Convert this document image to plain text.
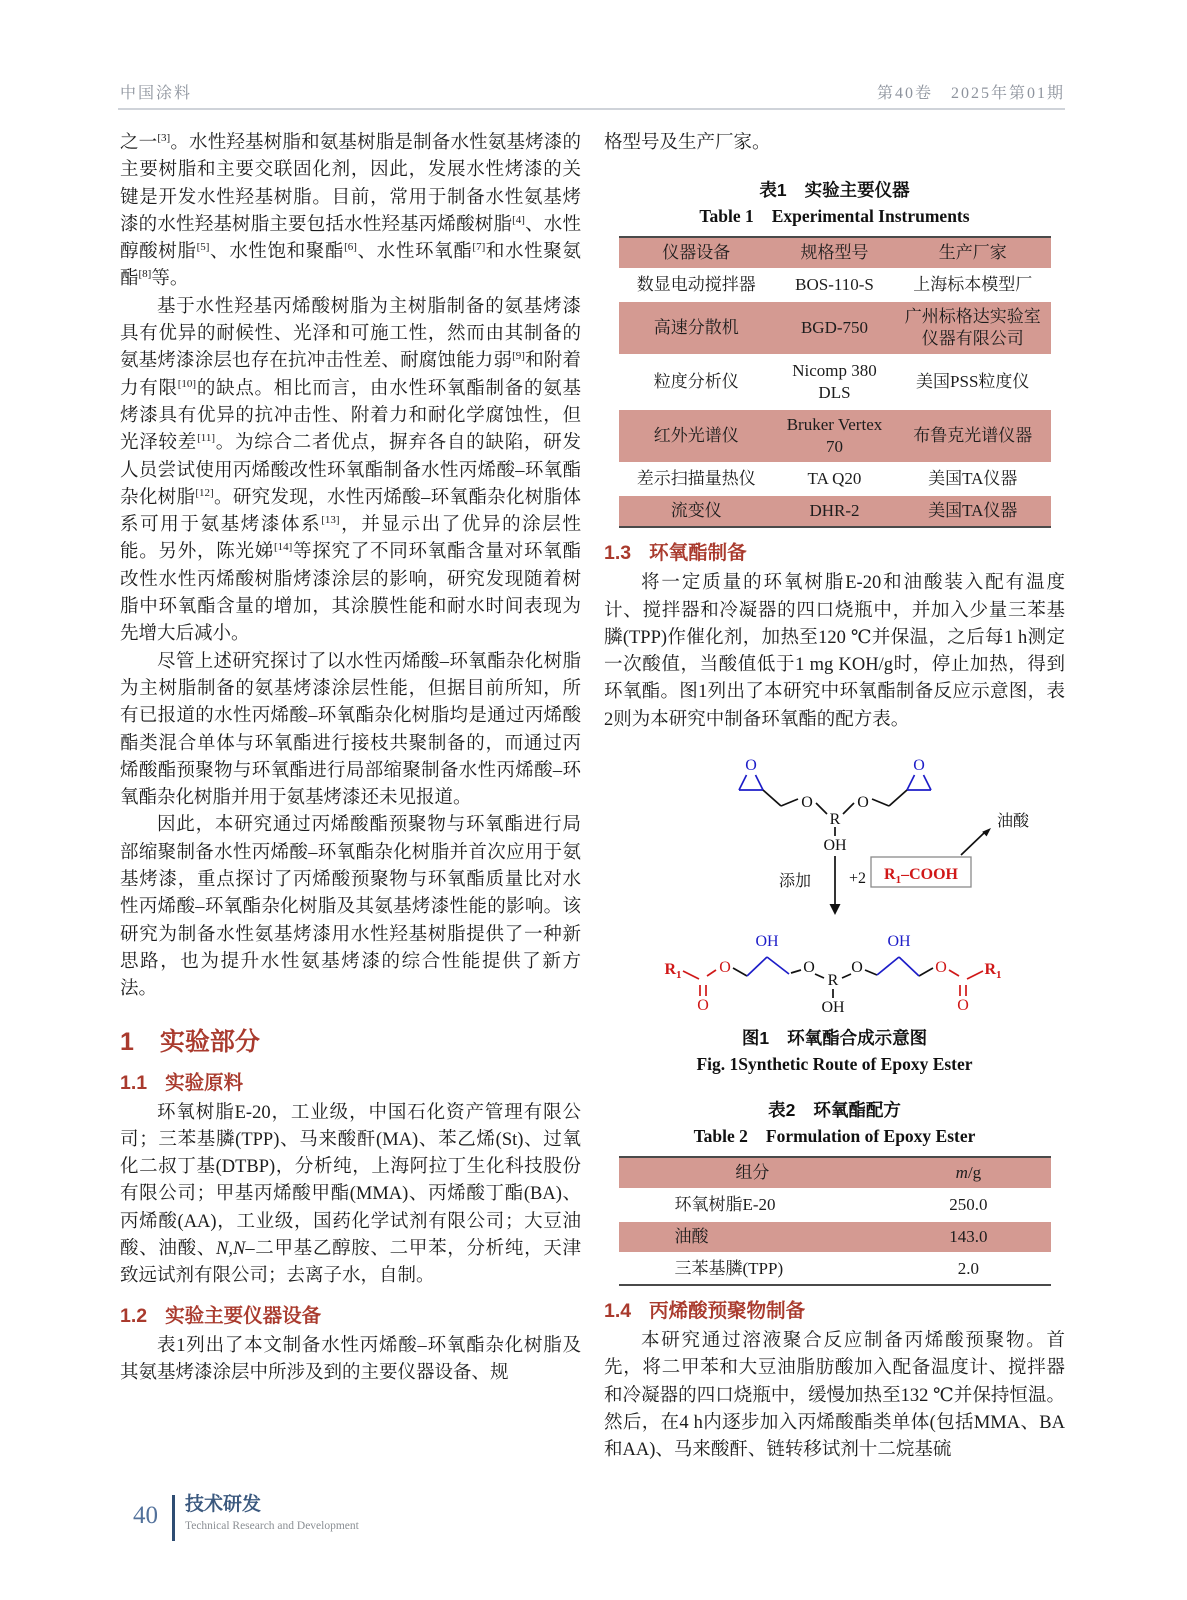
中国涂料	第40卷　2025年第01期

之一[3]。水性羟基树脂和氨基树脂是制备水性氨基烤漆的主要树脂和主要交联固化剂，因此，发展水性烤漆的关键是开发水性羟基树脂。目前，常用于制备水性氨基烤漆的水性羟基树脂主要包括水性羟基丙烯酸树脂[4]、水性醇酸树脂[5]、水性饱和聚酯[6]、水性环氧酯[7]和水性聚氨酯[8]等。

基于水性羟基丙烯酸树脂为主树脂制备的氨基烤漆具有优异的耐候性、光泽和可施工性，然而由其制备的氨基烤漆涂层也存在抗冲击性差、耐腐蚀能力弱[9]和附着力有限[10]的缺点。相比而言，由水性环氧酯制备的氨基烤漆具有优异的抗冲击性、附着力和耐化学腐蚀性，但光泽较差[11]。为综合二者优点，摒弃各自的缺陷，研发人员尝试使用丙烯酸改性环氧酯制备水性丙烯酸–环氧酯杂化树脂[12]。研究发现，水性丙烯酸–环氧酯杂化树脂体系可用于氨基烤漆体系[13]，并显示出了优异的涂层性能。另外，陈光娣[14]等探究了不同环氧酯含量对环氧酯改性水性丙烯酸树脂烤漆涂层的影响，研究发现随着树脂中环氧酯含量的增加，其涂膜性能和耐水时间表现为先增大后减小。

尽管上述研究探讨了以水性丙烯酸–环氧酯杂化树脂为主树脂制备的氨基烤漆涂层性能，但据目前所知，所有已报道的水性丙烯酸–环氧酯杂化树脂均是通过丙烯酸酯类混合单体与环氧酯进行接枝共聚制备的，而通过丙烯酸酯预聚物与环氧酯进行局部缩聚制备水性丙烯酸–环氧酯杂化树脂并用于氨基烤漆还未见报道。

因此，本研究通过丙烯酸酯预聚物与环氧酯进行局部缩聚制备水性丙烯酸–环氧酯杂化树脂并首次应用于氨基烤漆，重点探讨了丙烯酸预聚物与环氧酯质量比对水性丙烯酸–环氧酯杂化树脂及其氨基烤漆性能的影响。该研究为制备水性氨基烤漆用水性羟基树脂提供了一种新思路，也为提升水性氨基烤漆的综合性能提供了新方法。

1 实验部分
1.1 实验原料

环氧树脂E-20，工业级，中国石化资产管理有限公司；三苯基膦(TPP)、马来酸酐(MA)、苯乙烯(St)、过氧化二叔丁基(DTBP)，分析纯，上海阿拉丁生化科技股份有限公司；甲基丙烯酸甲酯(MMA)、丙烯酸丁酯(BA)、丙烯酸(AA)，工业级，国药化学试剂有限公司；大豆油酸、油酸、N,N–二甲基乙醇胺、二甲苯，分析纯，天津致远试剂有限公司；去离子水，自制。

1.2 实验主要仪器设备

表1列出了本文制备水性丙烯酸–环氧酯杂化树脂及其氨基烤漆涂层中所涉及到的主要仪器设备、规

格型号及生产厂家。

表1 实验主要仪器
Table 1 Experimental Instruments
仪器设备	规格型号	生产厂家
数显电动搅拌器	BOS-110-S	上海标本模型厂
高速分散机	BGD-750	广州标格达实验室仪器有限公司
粒度分析仪	Nicomp 380 DLS	美国PSS粒度仪
红外光谱仪	Bruker Vertex 70	布鲁克光谱仪器
差示扫描量热仪	TA Q20	美国TA仪器
流变仪	DHR-2	美国TA仪器
1.3 环氧酯制备

将一定质量的环氧树脂E-20和油酸装入配有温度计、搅拌器和冷凝器的四口烧瓶中，并加入少量三苯基膦(TPP)作催化剂，加热至120 ℃并保温，之后每1 h测定一次酸值，当酸值低于1 mg KOH/g时，停止加热，得到环氧酯。图1列出了本研究中环氧酯制备反应示意图，表2则为本研究中制备环氧酯的配方表。

O	O
O	O
R
OH
添加 +2 $R_1$–COOH
油酸
$R_1$
O
O
OH
O
R
OH
O
OH
O
O
$R_1$
图1 环氧酯合成示意图
Fig. 1Synthetic Route of Epoxy Ester
表2 环氧酯配方
Table 2 Formulation of Epoxy Ester
组分	m/g
环氧树脂E-20	250.0
油酸	143.0
三苯基膦(TPP)	2.0
1.4 丙烯酸预聚物制备

本研究通过溶液聚合反应制备丙烯酸预聚物。首先，将二甲苯和大豆油脂肪酸加入配备温度计、搅拌器和冷凝器的四口烧瓶中，缓慢加热至132 ℃并保持恒温。然后，在4 h内逐步加入丙烯酸酯类单体(包括MMA、BA和AA)、马来酸酐、链转移试剂十二烷基硫

40 技术研发
Technical Research and Development
